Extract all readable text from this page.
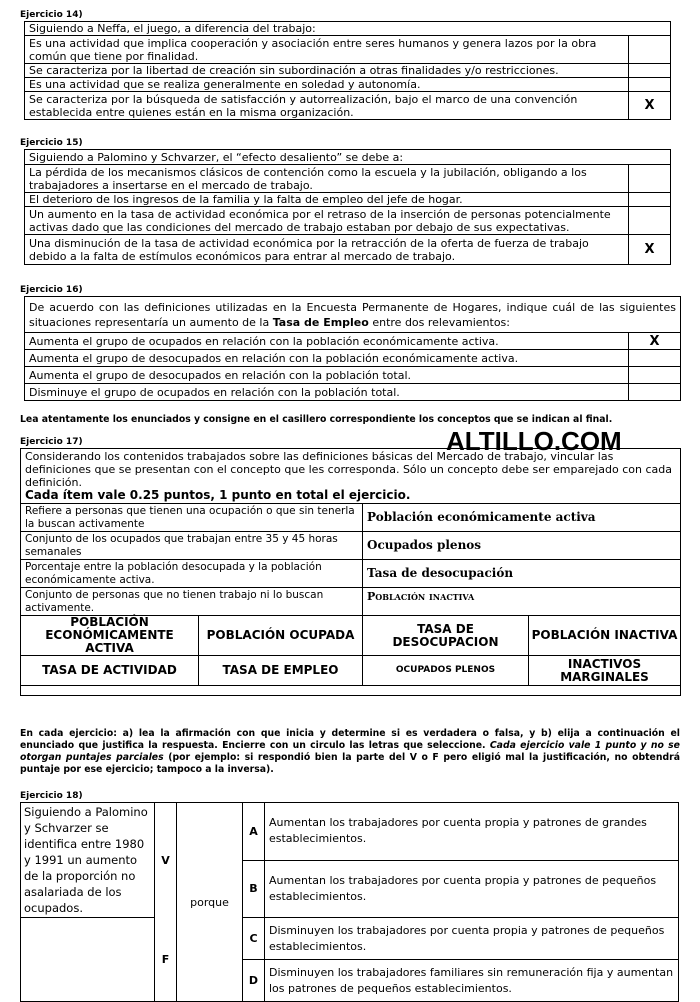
Ejercicio 14)
Siguiendo a Neffa, el juego, a diferencia del trabajo:	
Es una actividad que implica cooperación y asociación entre seres humanos y genera lazos por la obra común que tiene por finalidad.	
Se caracteriza por la libertad de creación sin subordinación a otras finalidades y/o restricciones.	
Es una actividad que se realiza generalmente en soledad y autonomía.	
Se caracteriza por la búsqueda de satisfacción y autorrealización, bajo el marco de una convención establecida entre quienes están en la misma organización.	X
Ejercicio 15)
Siguiendo a Palomino y Schvarzer, el “efecto desaliento” se debe a:	
La pérdida de los mecanismos clásicos de contención como la escuela y la jubilación, obligando a los trabajadores a insertarse en el mercado de trabajo.	
El deterioro de los ingresos de la familia y la falta de empleo del jefe de hogar.	
Un aumento en la tasa de actividad económica por el retraso de la inserción de personas potencialmente activas dado que las condiciones del mercado de trabajo estaban por debajo de sus expectativas.	
Una disminución de la tasa de actividad económica por la retracción de la oferta de fuerza de trabajo debido a la falta de estímulos económicos para entrar al mercado de trabajo.	X
Ejercicio 16)
De acuerdo con las definiciones utilizadas en la Encuesta Permanente de Hogares, indique cuál de las siguientes situaciones representaría un aumento de la Tasa de Empleo entre dos relevamientos:	
Aumenta el grupo de ocupados en relación con la población económicamente activa.	X
Aumenta el grupo de desocupados en relación con la población económicamente activa.	
Aumenta el grupo de desocupados en relación con la población total.	
Disminuye el grupo de ocupados en relación con la población total.	
Lea atentamente los enunciados y consigne en el casillero correspondiente los conceptos que se indican al final.
ALTILLO.COM
Ejercicio 17)
Considerando los contenidos trabajados sobre las definiciones básicas del Mercado de trabajo, vincular las definiciones que se presentan con el concepto que les corresponda. Sólo un concepto debe ser emparejado con cada definición.
Cada ítem vale 0.25 puntos, 1 punto en total el ejercicio.			
Refiere a personas que tienen una ocupación o que sin tenerla la buscan activamente		Población económicamente activa	
Conjunto de los ocupados que trabajan entre 35 y 45 horas semanales		Ocupados plenos	
Porcentaje entre la población desocupada y la población económicamente activa.		Tasa de desocupación	
Conjunto de personas que no tienen trabajo ni lo buscan activamente.		Población inactiva	
POBLACIÓN ECONÓMICAMENTE ACTIVA	POBLACIÓN OCUPADA	TASA DE DESOCUPACION	POBLACIÓN INACTIVA
TASA DE ACTIVIDAD	TASA DE EMPLEO	OCUPADOS PLENOS	INACTIVOS MARGINALES

En cada ejercicio: a) lea la afirmación con que inicia y determine si es verdadera o falsa, y b) elija a continuación el enunciado que justifica la respuesta. Encierre con un circulo las letras que seleccione. Cada ejercicio vale 1 punto y no se otorgan puntajes parciales (por ejemplo: si respondió bien la parte del V o F pero eligió mal la justificación, no obtendrá puntaje por ese ejercicio; tampoco a la inversa).
Ejercicio 18)
Siguiendo a Palomino y Schvarzer se identifica entre 1980 y 1991 un aumento de la proporción no asalariada de los ocupados.	V	porque	A	Aumentan los trabajadores por cuenta propia y patrones de grandes establecimientos.
			B	Aumentan los trabajadores por cuenta propia y patrones de pequeños establecimientos.
	F		C	Disminuyen los trabajadores por cuenta propia y patrones de pequeños establecimientos.
			D	Disminuyen los trabajadores familiares sin remuneración fija y aumentan los patrones de pequeños establecimientos.
